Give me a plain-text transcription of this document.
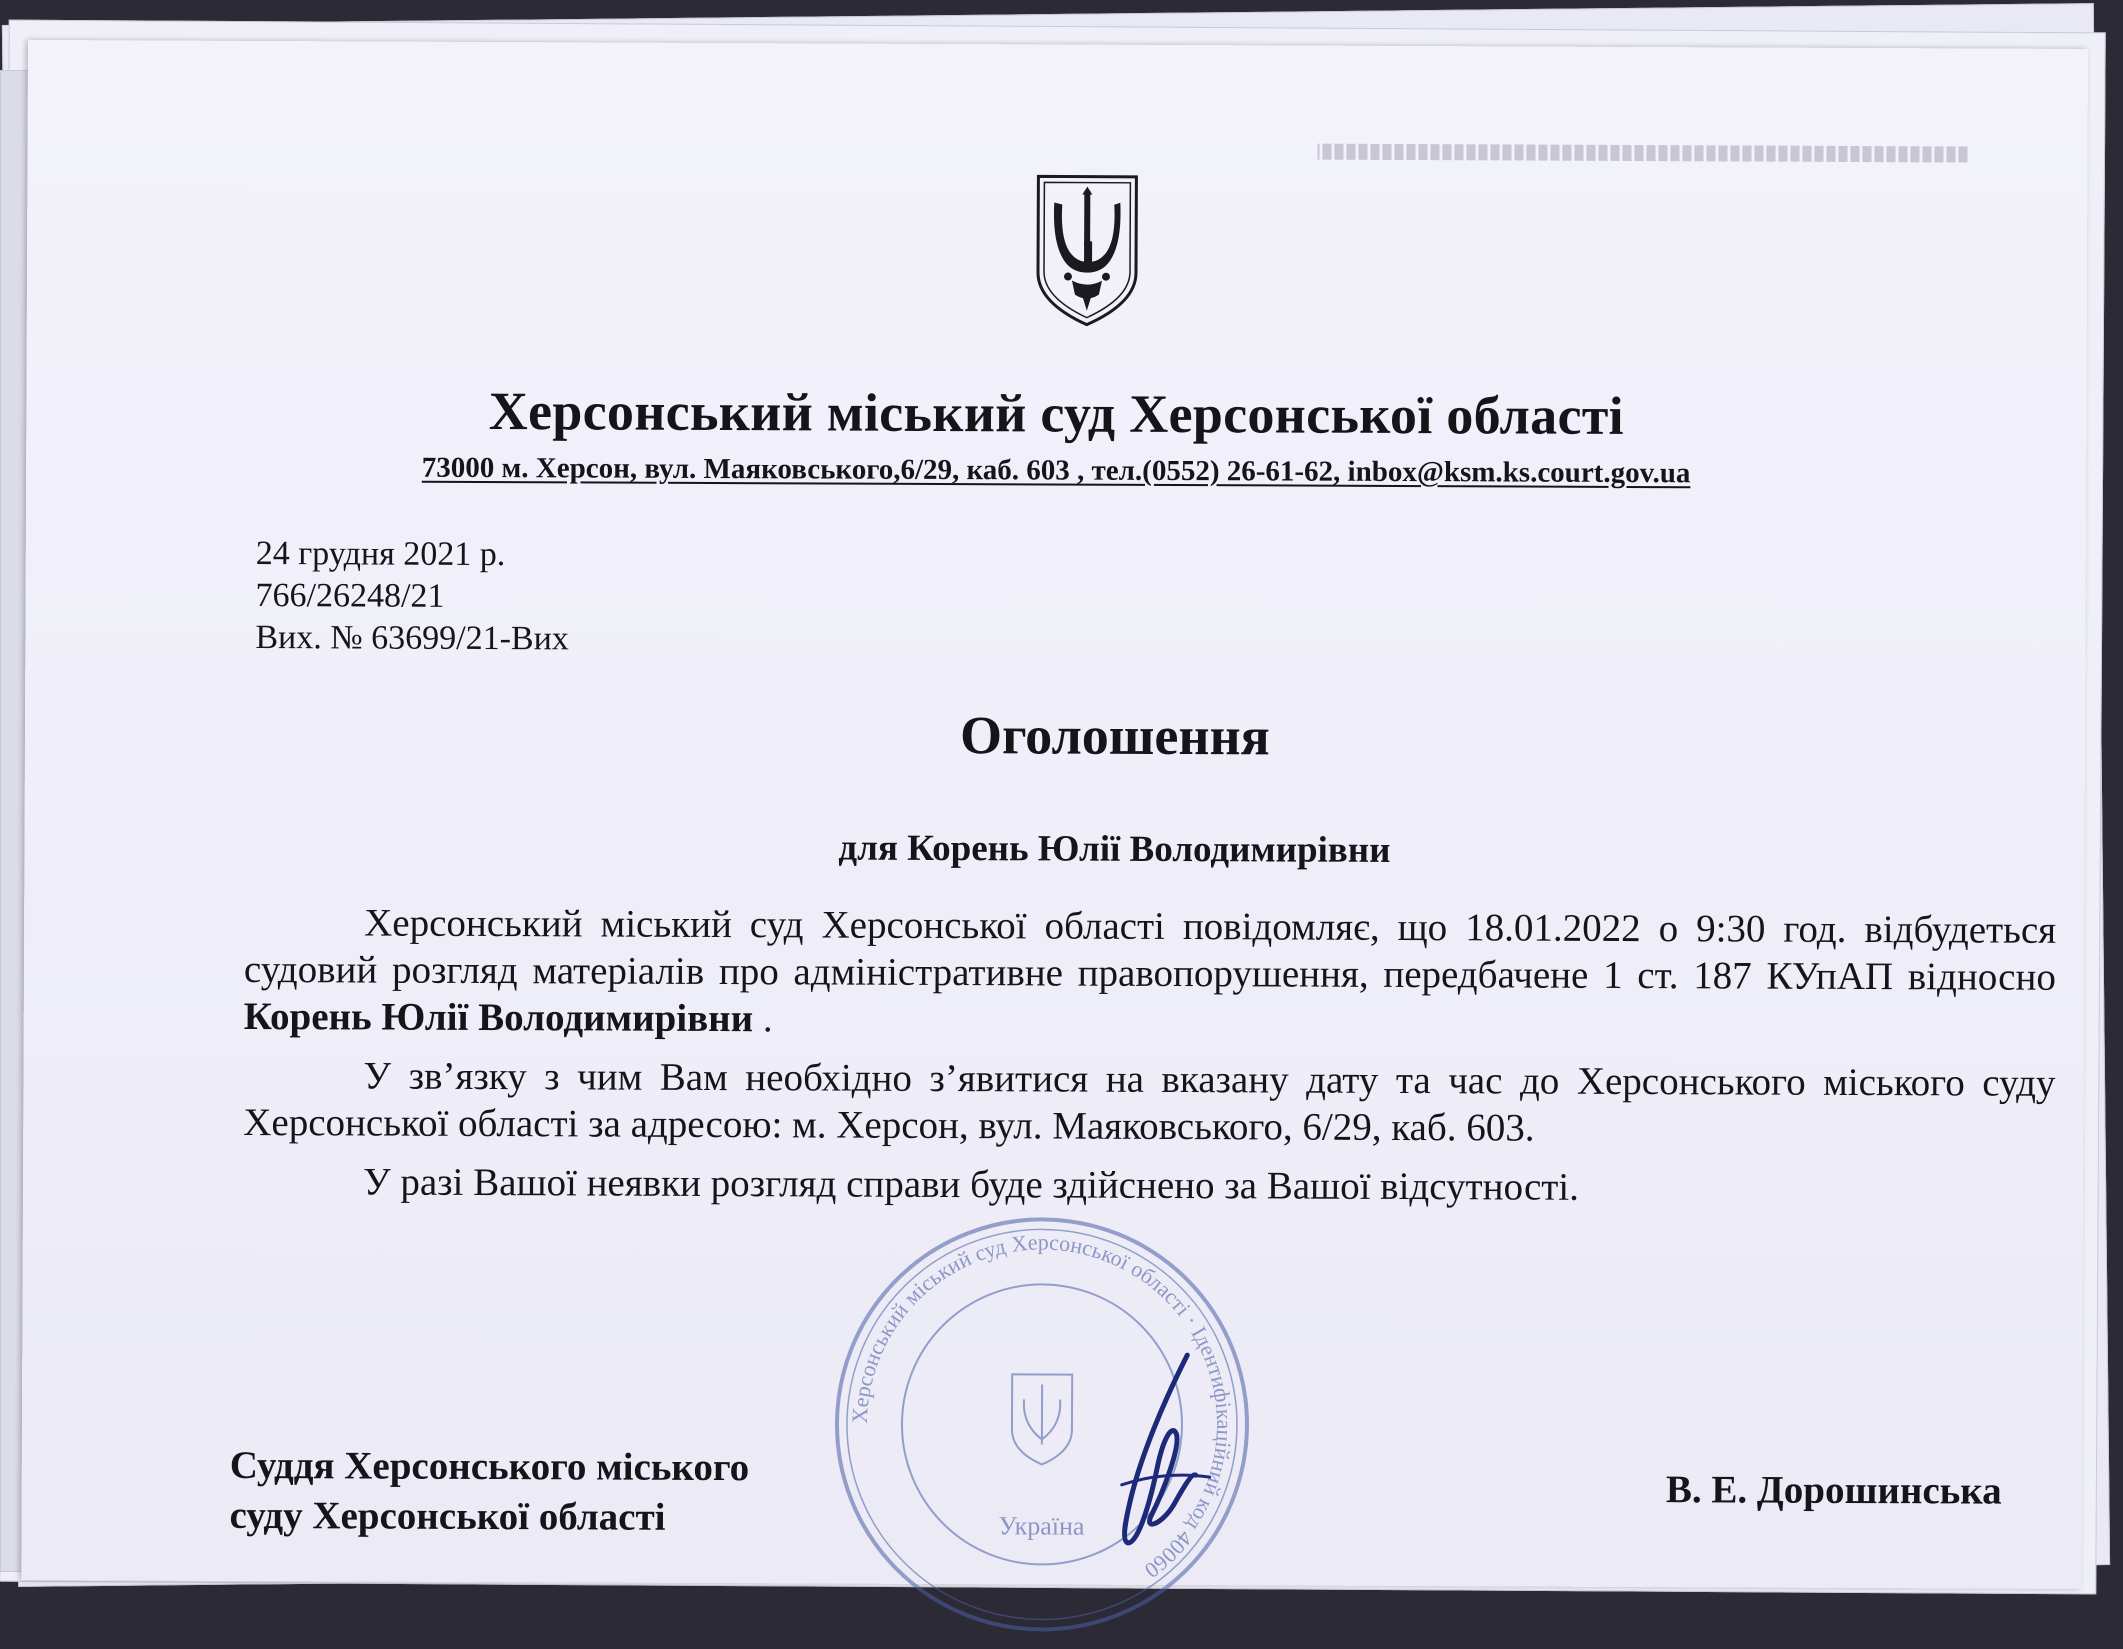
Херсонський міський суд Херсонської області
73000 м. Херсон, вул. Маяковського,6/29, каб. 603 , тел.(0552) 26-61-62, inbox@ksm.ks.court.gov.ua
24 грудня 2021 р.
766/26248/21
Вих. № 63699/21-Вих
Оголошення
для Корень Юлії Володимирівни

Херсонський міський суд Херсонської області повідомляє, що 18.01.2022 о 9:30 год. відбудеться судовий розгляд матеріалів про адміністративне правопорушення, передбачене 1 ст. 187 КУпАП відносно Корень Юлії Володимирівни .

У зв’язку з чим Вам необхідно з’явитися на вказану дату та час до Херсонського міського суду Херсонської області за адресою: м. Херсон, вул. Маяковського, 6/29, каб. 603.

У разі Вашої неявки розгляд справи буде здійснено за Вашої відсутності.

Херсонський міський суд Херсонської області · Ідентифікаційний код 40060
Україна
Суддя Херсонського міського
суду Херсонської області
В. Е. Дорошинська
